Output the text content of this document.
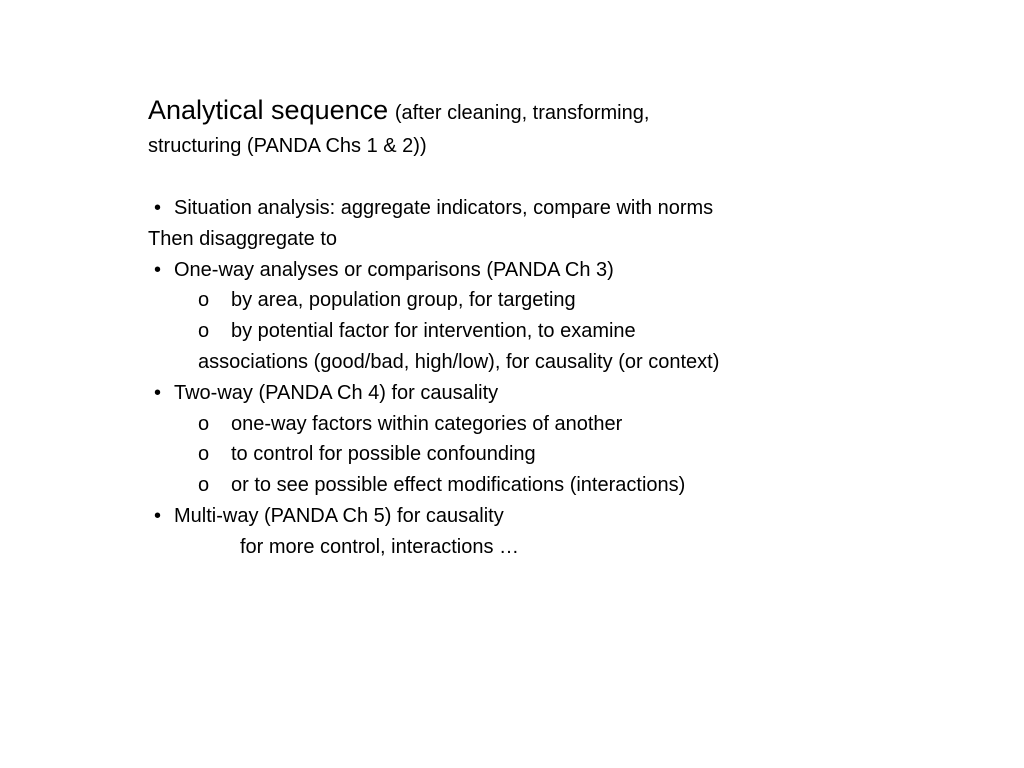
Analytical sequence (after cleaning, transforming,
structuring (PANDA Chs 1 & 2))
• Situation analysis: aggregate indicators, compare with norms
Then disaggregate to
• One-way analyses or comparisons (PANDA Ch 3)
o	by area, population group, for targeting
o	by potential factor for intervention, to examine
associations (good/bad, high/low), for causality (or context)
• Two-way (PANDA Ch 4) for causality
o	one-way factors within categories of another
o	to control for possible confounding
o	or to see possible effect modifications (interactions)
• Multi-way (PANDA Ch 5) for causality
for more control, interactions …
